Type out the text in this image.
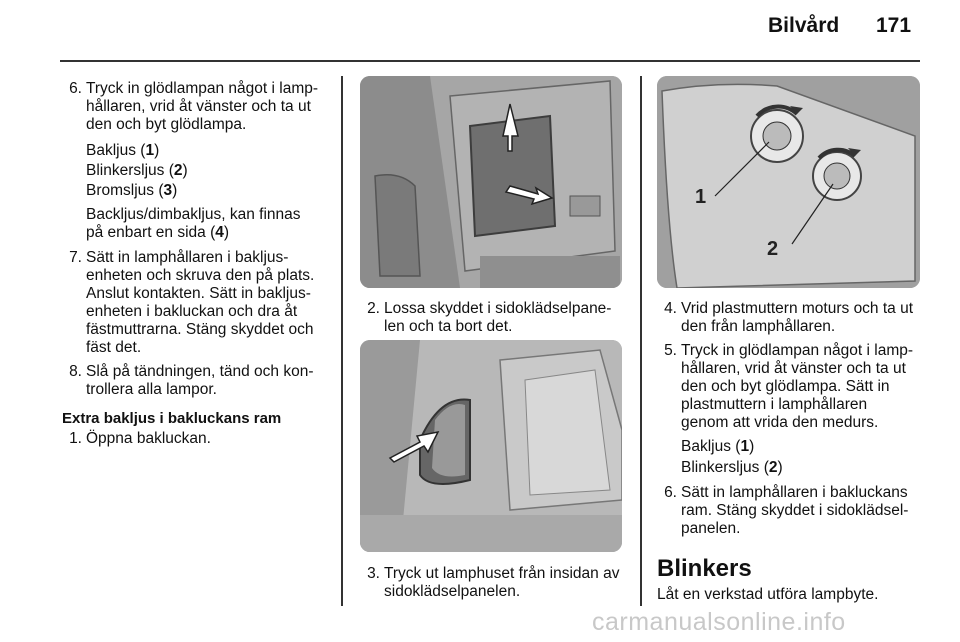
Bilvård 171
6. Tryck in glödlampan något i lamp-
hållaren, vrid åt vänster och ta ut
den och byt glödlampa.
Bakljus (1)
Blinkersljus (2)
Bromsljus (3)
Backljus/dimbakljus, kan finnas
på enbart en sida (4)
7. Sätt in lamphållaren i bakljus-
enheten och skruva den på plats.
Anslut kontakten. Sätt in bakljus-
enheten i bakluckan och dra åt
fästmuttrarna. Stäng skyddet och
fäst det.
8. Slå på tändningen, tänd och kon-
trollera alla lampor.
Extra bakljus i bakluckans ram
1. Öppna bakluckan.
2. Lossa skyddet i sidoklädselpane-
len och ta bort det.
3. Tryck ut lamphuset från insidan av
sidoklädselpanelen.
1
2
4. Vrid plastmuttern moturs och ta ut
den från lamphållaren.
5. Tryck in glödlampan något i lamp-
hållaren, vrid åt vänster och ta ut
den och byt glödlampa. Sätt in
plastmuttern i lamphållaren
genom att vrida den medurs.
Bakljus (1)
Blinkersljus (2)
6. Sätt in lamphållaren i bakluckans
ram. Stäng skyddet i sidoklädsel-
panelen.
Blinkers
Låt en verkstad utföra lampbyte.
carmanualsonline.info
